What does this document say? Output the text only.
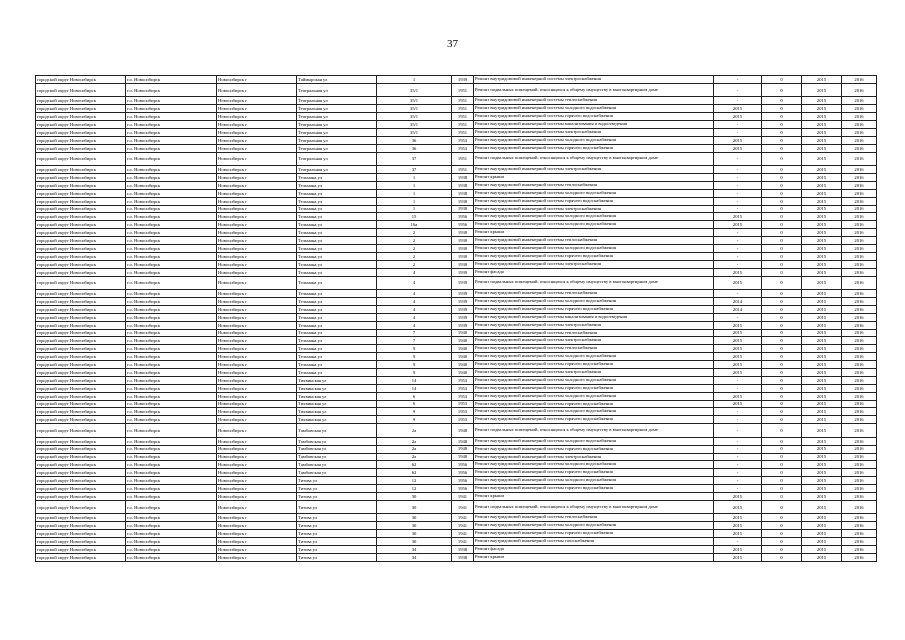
37
городской округ Новосибирск	г.о. Новосибирск	Новосибирск г	Таймырская ул	1	1939	Ремонт внутридомовой инженерной системы электроснабжения	-	0	2015	2016
городской округ Новосибирск	г.о. Новосибирск	Новосибирск г	Театральная ул	35/1	1951	Ремонт подвальных помещений, относящихся к общему имуществу в многоквартирном доме	-	0	2015	2016
городской округ Новосибирск	г.о. Новосибирск	Новосибирск г	Театральная ул	35/1	1951	Ремонт внутридомовой инженерной системы теплоснабжения	-	0	2015	2016
городской округ Новосибирск	г.о. Новосибирск	Новосибирск г	Театральная ул	35/1	1951	Ремонт внутридомовой инженерной системы холодного водоснабжения	2015	0	2015	2016
городской округ Новосибирск	г.о. Новосибирск	Новосибирск г	Театральная ул	35/1	1951	Ремонт внутридомовой инженерной системы горячего водоснабжения	2015	0	2015	2016
городской округ Новосибирск	г.о. Новосибирск	Новосибирск г	Театральная ул	35/1	1951	Ремонт внутридомовой инженерной системы канализования и водоотведения	-	0	2015	2016
городской округ Новосибирск	г.о. Новосибирск	Новосибирск г	Театральная ул	35/1	1951	Ремонт внутридомовой инженерной системы электроснабжения	-	0	2015	2016
городской округ Новосибирск	г.о. Новосибирск	Новосибирск г	Театральная ул	36	1953	Ремонт внутридомовой инженерной системы холодного водоснабжения	2015	0	2015	2016
городской округ Новосибирск	г.о. Новосибирск	Новосибирск г	Театральная ул	36	1953	Ремонт внутридомовой инженерной системы горячего водоснабжения	2015	0	2015	2016
городской округ Новосибирск	г.о. Новосибирск	Новосибирск г	Театральная ул	37	1951	Ремонт подвальных помещений, относящихся к общему имуществу в многоквартирном доме	-	0	2015	2016
городской округ Новосибирск	г.о. Новосибирск	Новосибирск г	Театральная ул	37	1951	Ремонт внутридомовой инженерной системы электроснабжения	-	0	2015	2016
городской округ Новосибирск	г.о. Новосибирск	Новосибирск г	Тельмана ул	1	1938	Ремонт крыши	-	0	2015	2016
городской округ Новосибирск	г.о. Новосибирск	Новосибирск г	Тельмана ул	1	1938	Ремонт внутридомовой инженерной системы теплоснабжения	-	0	2015	2016
городской округ Новосибирск	г.о. Новосибирск	Новосибирск г	Тельмана ул	1	1938	Ремонт внутридомовой инженерной системы холодного водоснабжения	-	0	2015	2016
городской округ Новосибирск	г.о. Новосибирск	Новосибирск г	Тельмана ул	1	1938	Ремонт внутридомовой инженерной системы горячего водоснабжения	-	0	2015	2016
городской округ Новосибирск	г.о. Новосибирск	Новосибирск г	Тельмана ул	1	1938	Ремонт внутридомовой инженерной системы электроснабжения	-	0	2015	2016
городской округ Новосибирск	г.о. Новосибирск	Новосибирск г	Тельмана ул	15	1956	Ремонт внутридомовой инженерной системы холодного водоснабжения	2015	0	2015	2016
городской округ Новосибирск	г.о. Новосибирск	Новосибирск г	Тельмана ул	16а	1956	Ремонт внутридомовой инженерной системы холодного водоснабжения	2015	0	2015	2016
городской округ Новосибирск	г.о. Новосибирск	Новосибирск г	Тельмана ул	2	1938	Ремонт крыши	-	0	2015	2016
городской округ Новосибирск	г.о. Новосибирск	Новосибирск г	Тельмана ул	2	1938	Ремонт внутридомовой инженерной системы теплоснабжения	-	0	2015	2016
городской округ Новосибирск	г.о. Новосибирск	Новосибирск г	Тельмана ул	2	1938	Ремонт внутридомовой инженерной системы холодного водоснабжения	-	0	2015	2016
городской округ Новосибирск	г.о. Новосибирск	Новосибирск г	Тельмана ул	2	1938	Ремонт внутридомовой инженерной системы горячего водоснабжения	-	0	2015	2016
городской округ Новосибирск	г.о. Новосибирск	Новосибирск г	Тельмана ул	2	1938	Ремонт внутридомовой инженерной системы электроснабжения	-	0	2015	2016
городской округ Новосибирск	г.о. Новосибирск	Новосибирск г	Тельмана ул	4	1939	Ремонт фасада	2015	0	2015	2016
городской округ Новосибирск	г.о. Новосибирск	Новосибирск г	Тельмана ул	4	1939	Ремонт подвальных помещений, относящихся к общему имуществу в многоквартирном доме	2015	0	2015	2016
городской округ Новосибирск	г.о. Новосибирск	Новосибирск г	Тельмана ул	4	1939	Ремонт внутридомовой инженерной системы теплоснабжения	-	0	2015	2016
городской округ Новосибирск	г.о. Новосибирск	Новосибирск г	Тельмана ул	4	1939	Ремонт внутридомовой инженерной системы холодного водоснабжения	2014	0	2015	2016
городской округ Новосибирск	г.о. Новосибирск	Новосибирск г	Тельмана ул	4	1939	Ремонт внутридомовой инженерной системы горячего водоснабжения	2014	0	2015	2016
городской округ Новосибирск	г.о. Новосибирск	Новосибирск г	Тельмана ул	4	1939	Ремонт внутридомовой инженерной системы канализования и водоотведения	-	0	2015	2016
городской округ Новосибирск	г.о. Новосибирск	Новосибирск г	Тельмана ул	4	1939	Ремонт внутридомовой инженерной системы электроснабжения	2015	0	2015	2016
городской округ Новосибирск	г.о. Новосибирск	Новосибирск г	Тельмана ул	7	1940	Ремонт внутридомовой инженерной системы теплоснабжения	2015	0	2015	2016
городской округ Новосибирск	г.о. Новосибирск	Новосибирск г	Тельмана ул	7	1940	Ремонт внутридомовой инженерной системы электроснабжения	2015	0	2015	2016
городской округ Новосибирск	г.о. Новосибирск	Новосибирск г	Тельмана ул	9	1940	Ремонт внутридомовой инженерной системы теплоснабжения	2015	0	2015	2016
городской округ Новосибирск	г.о. Новосибирск	Новосибирск г	Тельмана ул	9	1940	Ремонт внутридомовой инженерной системы холодного водоснабжения	2015	0	2015	2016
городской округ Новосибирск	г.о. Новосибирск	Новосибирск г	Тельмана ул	9	1940	Ремонт внутридомовой инженерной системы горячего водоснабжения	2015	0	2015	2016
городской округ Новосибирск	г.о. Новосибирск	Новосибирск г	Тельмана ул	9	1940	Ремонт внутридомовой инженерной системы электроснабжения	2015	0	2015	2016
городской округ Новосибирск	г.о. Новосибирск	Новосибирск г	Тихвинская ул	14	1953	Ремонт внутридомовой инженерной системы холодного водоснабжения	-	0	2015	2016
городской округ Новосибирск	г.о. Новосибирск	Новосибирск г	Тихвинская ул	14	1953	Ремонт внутридомовой инженерной системы горячего водоснабжения	-	0	2015	2016
городской округ Новосибирск	г.о. Новосибирск	Новосибирск г	Тихвинская ул	6	1953	Ремонт внутридомовой инженерной системы холодного водоснабжения	2015	0	2015	2016
городской округ Новосибирск	г.о. Новосибирск	Новосибирск г	Тихвинская ул	6	1953	Ремонт внутридомовой инженерной системы горячего водоснабжения	2015	0	2015	2016
городской округ Новосибирск	г.о. Новосибирск	Новосибирск г	Тихвинская ул	9	1953	Ремонт внутридомовой инженерной системы холодного водоснабжения	-	0	2015	2016
городской округ Новосибирск	г.о. Новосибирск	Новосибирск г	Тихвинская ул	9	1953	Ремонт внутридомовой инженерной системы горячего водоснабжения	-	0	2015	2016
городской округ Новосибирск	г.о. Новосибирск	Новосибирск г	Тамбовская ул	2а	1948	Ремонт подвальных помещений, относящихся к общему имуществу в многоквартирном доме	-	0	2015	2016
городской округ Новосибирск	г.о. Новосибирск	Новосибирск г	Тамбовская ул	2а	1948	Ремонт внутридомовой инженерной системы холодного водоснабжения	-	0	2015	2016
городской округ Новосибирск	г.о. Новосибирск	Новосибирск г	Тамбовская ул	2а	1948	Ремонт внутридомовой инженерной системы горячего водоснабжения	-	0	2015	2016
городской округ Новосибирск	г.о. Новосибирск	Новосибирск г	Тамбовская ул	2а	1948	Ремонт внутридомовой инженерной системы электроснабжения	-	0	2015	2016
городской округ Новосибирск	г.о. Новосибирск	Новосибирск г	Тамбовская ул	62	1956	Ремонт внутридомовой инженерной системы холодного водоснабжения	-	0	2015	2016
городской округ Новосибирск	г.о. Новосибирск	Новосибирск г	Тамбовская ул	62	1956	Ремонт внутридомовой инженерной системы горячего водоснабжения	-	0	2015	2016
городской округ Новосибирск	г.о. Новосибирск	Новосибирск г	Титова ул	12	1956	Ремонт внутридомовой инженерной системы холодного водоснабжения	-	0	2015	2016
городской округ Новосибирск	г.о. Новосибирск	Новосибирск г	Титова ул	12	1956	Ремонт внутридомовой инженерной системы горячего водоснабжения	-	0	2015	2016
городской округ Новосибирск	г.о. Новосибирск	Новосибирск г	Титова ул	30	1941	Ремонт крыши	2015	0	2015	2016
городской округ Новосибирск	г.о. Новосибирск	Новосибирск г	Титова ул	30	1941	Ремонт подвальных помещений, относящихся к общему имуществу в многоквартирном доме	2015	0	2015	2016
городской округ Новосибирск	г.о. Новосибирск	Новосибирск г	Титова ул	30	1941	Ремонт внутридомовой инженерной системы теплоснабжения	2015	0	2015	2016
городской округ Новосибирск	г.о. Новосибирск	Новосибирск г	Титова ул	30	1941	Ремонт внутридомовой инженерной системы холодного водоснабжения	2015	0	2015	2016
городской округ Новосибирск	г.о. Новосибирск	Новосибирск г	Титова ул	30	1941	Ремонт внутридомовой инженерной системы горячего водоснабжения	2015	0	2015	2016
городской округ Новосибирск	г.о. Новосибирск	Новосибирск г	Титова ул	30	1941	Ремонт внутридомовой инженерной системы газоснабжения	-	0	2015	2016
городской округ Новосибирск	г.о. Новосибирск	Новосибирск г	Титова ул	34	1938	Ремонт фасада	2015	0	2015	2016
городской округ Новосибирск	г.о. Новосибирск	Новосибирск г	Титова ул	34	1938	Ремонт крыши	2015	0	2015	2016
